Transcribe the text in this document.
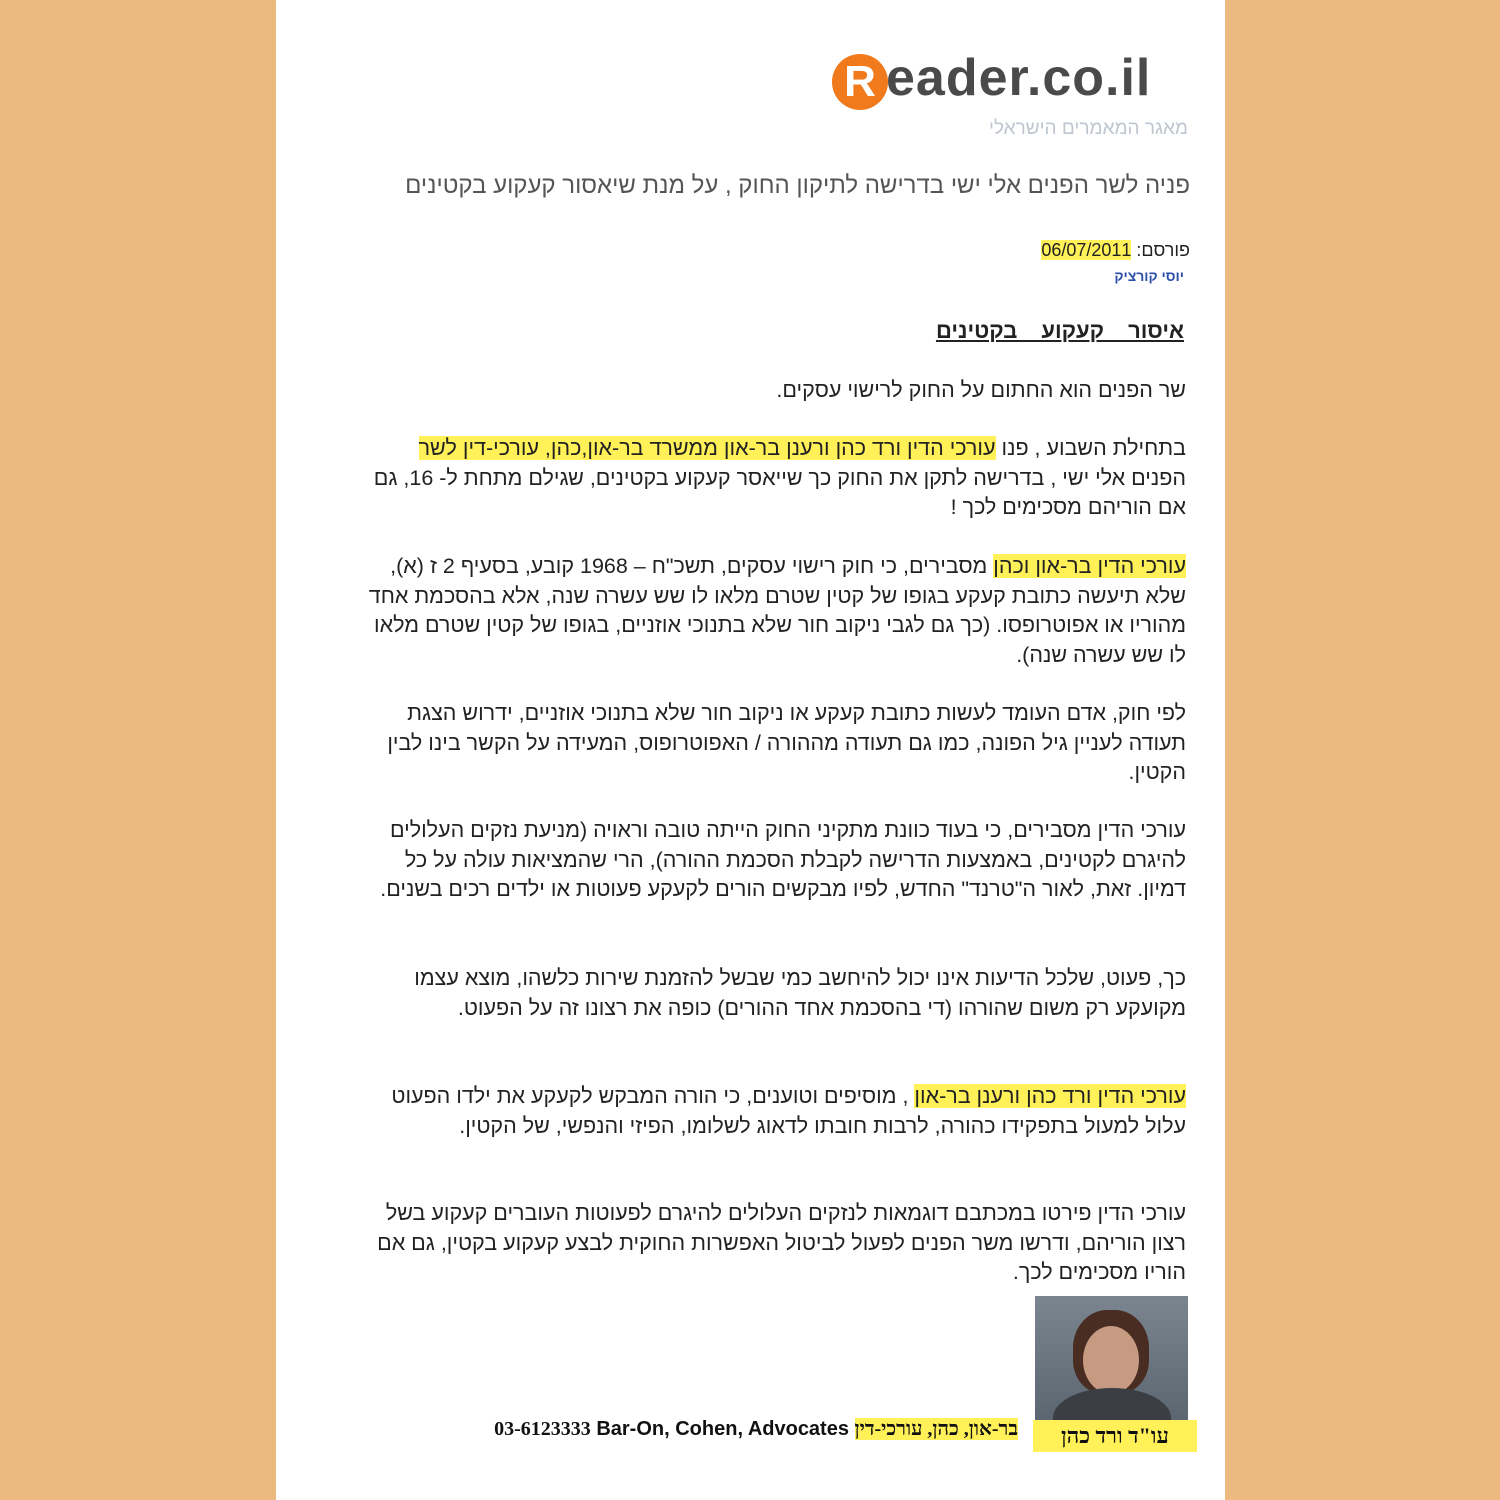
R eader.co.il
מאגר המאמרים הישראלי
פניה לשר הפנים אלי ישי בדרישה לתיקון החוק , על מנת שיאסור קעקוע בקטינים
פורסם: 06/07/2011
יוסי קורציק
איסור קעקוע בקטינים
שר הפנים הוא החתום על החוק לרישוי עסקים.
בתחילת השבוע , פנו עורכי הדין ורד כהן ורענן בר-און ממשרד בר-און,כהן, עורכי-דין לשר הפנים אלי ישי , בדרישה לתקן את החוק כך שייאסר קעקוע בקטינים, שגילם מתחת ל- 16, גם אם הוריהם מסכימים לכך !
עורכי הדין בר-און וכהן מסבירים, כי חוק רישוי עסקים, תשכ"ח – 1968 קובע, בסעיף 2 ז (א), שלא תיעשה כתובת קעקע בגופו של קטין שטרם מלאו לו שש עשרה שנה, אלא בהסכמת אחד מהוריו או אפוטרופסו. (כך גם לגבי ניקוב חור שלא בתנוכי אוזניים, בגופו של קטין שטרם מלאו לו שש עשרה שנה).
לפי חוק, אדם העומד לעשות כתובת קעקע או ניקוב חור שלא בתנוכי אוזניים, ידרוש הצגת תעודה לעניין גיל הפונה, כמו גם תעודה מההורה / האפוטרופוס, המעידה על הקשר בינו לבין הקטין.
עורכי הדין מסבירים, כי בעוד כוונת מתקיני החוק הייתה טובה וראויה (מניעת נזקים העלולים להיגרם לקטינים, באמצעות הדרישה לקבלת הסכמת ההורה), הרי שהמציאות עולה על כל דמיון. זאת, לאור ה"טרנד" החדש, לפיו מבקשים הורים לקעקע פעוטות או ילדים רכים בשנים.
כך, פעוט, שלכל הדיעות אינו יכול להיחשב כמי שבשל להזמנת שירות כלשהו, מוצא עצמו מקועקע רק משום שהורהו (די בהסכמת אחד ההורים) כופה את רצונו זה על הפעוט.
עורכי הדין ורד כהן ורענן בר-און , מוסיפים וטוענים, כי הורה המבקש לקעקע את ילדו הפעוט עלול למעול בתפקידו כהורה, לרבות חובתו לדאוג לשלומו, הפיזי והנפשי, של הקטין.
עורכי הדין פירטו במכתבם דוגמאות לנזקים העלולים להיגרם לפעוטות העוברים קעקוע בשל רצון הוריהם, ודרשו משר הפנים לפעול לביטול האפשרות החוקית לבצע קעקוע בקטין, גם אם הוריו מסכימים לכך.
עו"ד ורד כהן
03-6123333 Bar-On, Cohen, Advocates בר-און, כהן, עורכי-דין
